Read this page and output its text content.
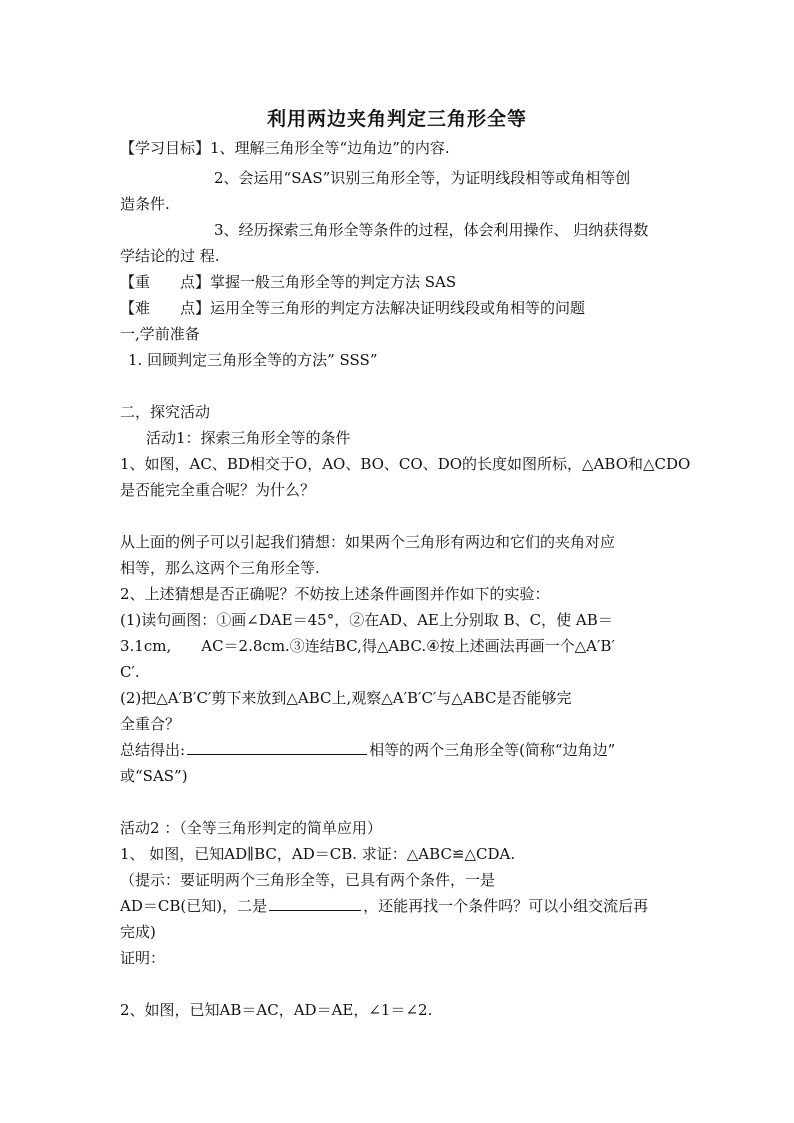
利用两边夹角判定三角形全等
【学习目标】1、理解三角形全等“边角边”的内容.
2、会运用“SAS”识别三角形全等，为证明线段相等或角相等创
造条件.
3、经历探索三角形全等条件的过程，体会利用操作、 归纳获得数
学结论的过 程.
【重　　点】掌握一般三角形全等的判定方法 SAS
【难　　点】运用全等三角形的判定方法解决证明线段或角相等的问题
一,学前准备
1. 回顾判定三角形全等的方法” SSS”
二，探究活动
活动1：探索三角形全等的条件
1、如图，AC、BD相交于O，AO、BO、CO、DO的长度如图所标，△ABO和△CDO
是否能完全重合呢？为什么？
从上面的例子可以引起我们猜想：如果两个三角形有两边和它们的夹角对应
相等，那么这两个三角形全等.
2、上述猜想是否正确呢？不妨按上述条件画图并作如下的实验：
(1)读句画图：①画∠DAE＝45°，②在AD、AE上分别取 B、C，使 AB＝
3.1cm,　　AC＝2.8cm.③连结BC,得△ABC.④按上述画法再画一个△A′B′
C′.
(2)把△A′B′C′剪下来放到△ABC上,观察△A′B′C′与△ABC是否能够完
全重合？
总结得出:	相等的两个三角形全等(简称“边角边”
或“SAS”)
活动2 ：（全等三角形判定的简单应用）
1、 如图，已知AD∥BC，AD＝CB. 求证：△ABC≌△CDA.
（提示：要证明两个三角形全等，已具有两个条件，一是
AD＝CB(已知)，二是	，还能再找一个条件吗？可以小组交流后再
完成)
证明：
2、如图，已知AB＝AC，AD＝AE，∠1＝∠2.
